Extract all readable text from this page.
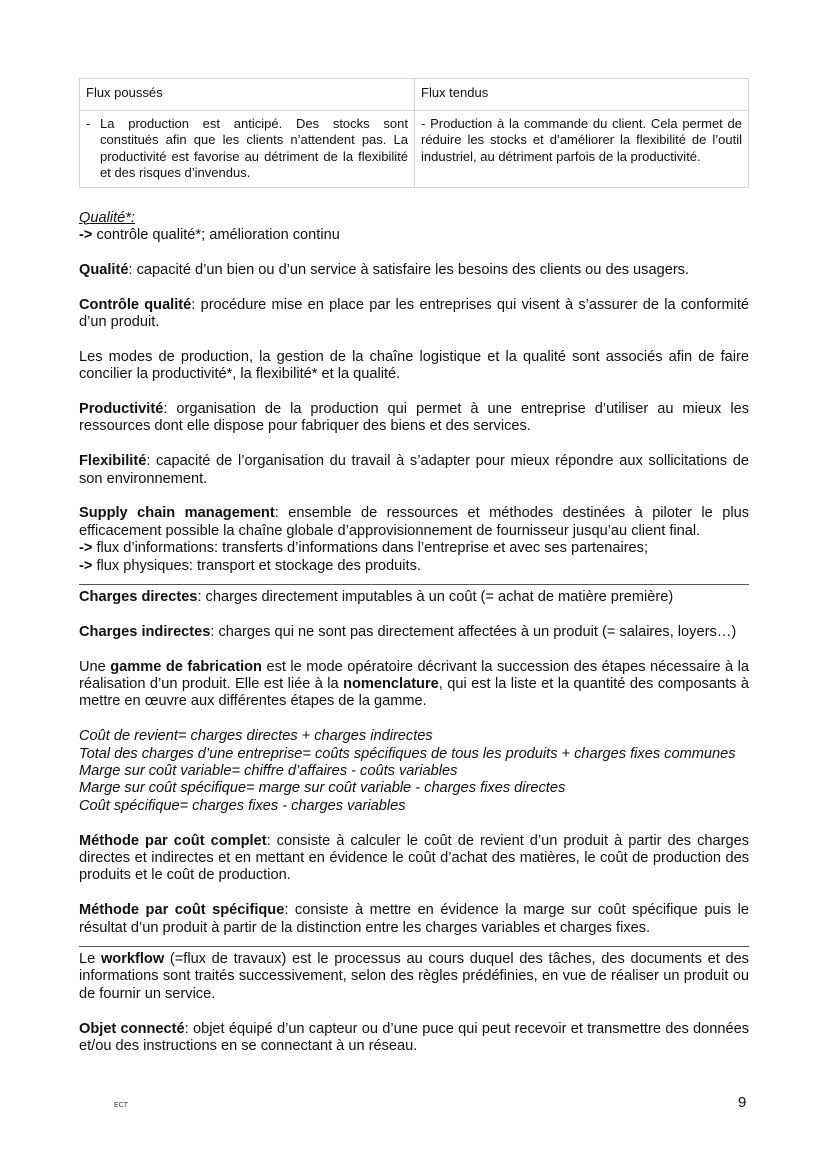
Flux poussés	Flux tendus

- La production est anticipé. Des stocks sont constitués afin que les clients n’attendent pas. La productivité est favorise au détriment de la flexibilité et des risques d’invendus.	- Production à la commande du client. Cela permet de réduire les stocks et d’améliorer la flexibilité de l’outil industriel, au détriment parfois de la productivité.

Qualité*:

-> contrôle qualité*; amélioration continu

Qualité: capacité d’un bien ou d’un service à satisfaire les besoins des clients ou des usagers.

Contrôle qualité: procédure mise en place par les entreprises qui visent à s’assurer de la conformité d’un produit.

Les modes de production, la gestion de la chaîne logistique et la qualité sont associés afin de faire concilier la productivité*, la flexibilité* et la qualité.

Productivité: organisation de la production qui permet à une entreprise d’utiliser au mieux les ressources dont elle dispose pour fabriquer des biens et des services.

Flexibilité: capacité de l’organisation du travail à s’adapter pour mieux répondre aux sollicitations de son environnement.

Supply chain management: ensemble de ressources et méthodes destinées à piloter le plus efficacement possible la chaîne globale d’approvisionnement de fournisseur jusqu’au client final.

-> flux d’informations: transferts d’informations dans l’entreprise et avec ses partenaires;

-> flux physiques: transport et stockage des produits.

Charges directes: charges directement imputables à un coût (= achat de matière première)

Charges indirectes: charges qui ne sont pas directement affectées à un produit (= salaires, loyers…)

Une gamme de fabrication est le mode opératoire décrivant la succession des étapes nécessaire à la réalisation d’un produit. Elle est liée à la nomenclature, qui est la liste et la quantité des composants à mettre en œuvre aux différentes étapes de la gamme.

Coût de revient= charges directes + charges indirectes

Total des charges d’une entreprise= coûts spécifiques de tous les produits + charges fixes communes

Marge sur coût variable= chiffre d’affaires - coûts variables

Marge sur coût spécifique= marge sur coût variable - charges fixes directes

Coût spécifique= charges fixes - charges variables

Méthode par coût complet: consiste à calculer le coût de revient d’un produit à partir des charges directes et indirectes et en mettant en évidence le coût d’achat des matières, le coût de production des produits et le coût de production.

Méthode par coût spécifique: consiste à mettre en évidence la marge sur coût spécifique puis le résultat d’un produit à partir de la distinction entre les charges variables et charges fixes.

Le workflow (=flux de travaux) est le processus au cours duquel des tâches, des documents et des informations sont traités successivement, selon des règles prédéfinies, en vue de réaliser un produit ou de fournir un service.

Objet connecté: objet équipé d’un capteur ou d’une puce qui peut recevoir et transmettre des données et/ou des instructions en se connectant à un réseau.

ECT	9
